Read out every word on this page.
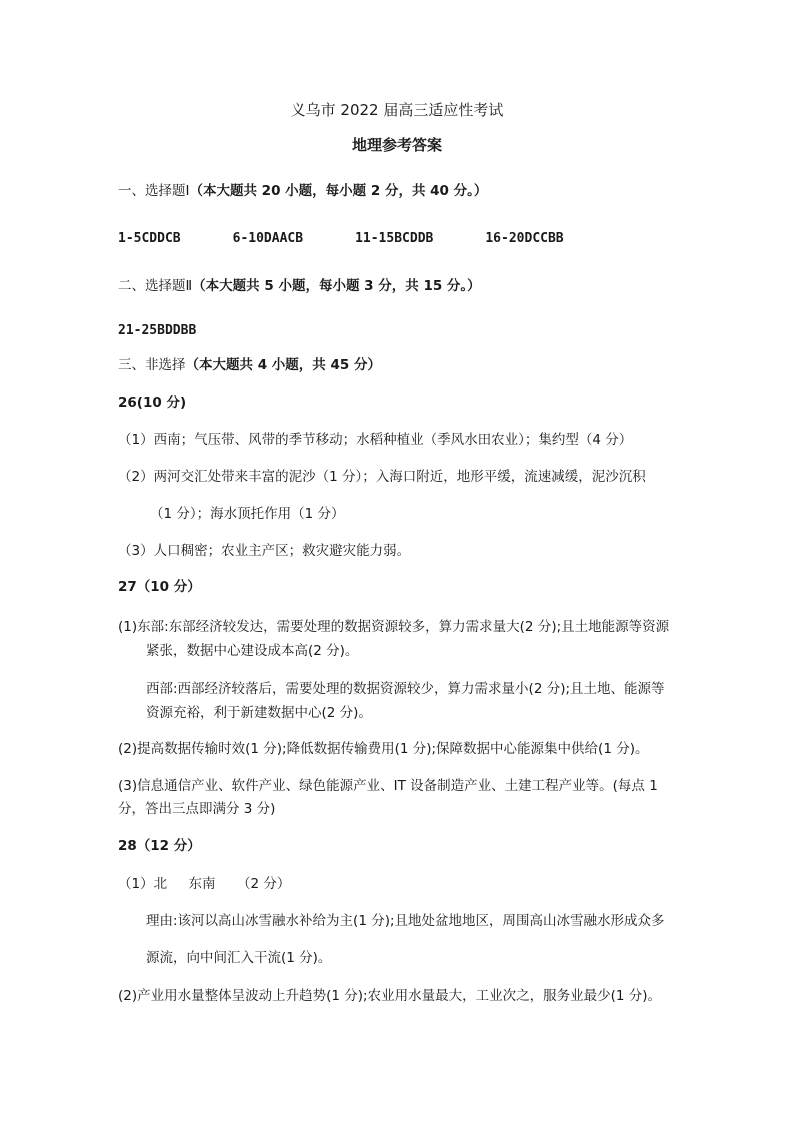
义乌市 2022 届高三适应性考试
地理参考答案
一、选择题Ⅰ（本大题共 20 小题，每小题 2 分，共 40 分。）
1-5CDDCB	6-10DAACB	11-15BCDDB	16-20DCCBB
二、选择题Ⅱ（本大题共 5 小题，每小题 3 分，共 15 分。）
21-25BDDBB
三、非选择（本大题共 4 小题，共 45 分）
26(10 分)
（1）西南；气压带、风带的季节移动；水稻种植业（季风水田农业）；集约型（4 分）
（2）两河交汇处带来丰富的泥沙（1 分）；入海口附近，地形平缓，流速减缓，泥沙沉积
（1 分）；海水顶托作用（1 分）
（3）人口稠密；农业主产区；救灾避灾能力弱。
27（10 分）
(1)东部:东部经济较发达，需要处理的数据资源较多，算力需求量大(2 分);且土地能源等资源
紧张，数据中心建设成本高(2 分)。
西部:西部经济较落后，需要处理的数据资源较少，算力需求量小(2 分);且土地、能源等
资源充裕，利于新建数据中心(2 分)。
(2)提高数据传输时效(1 分);降低数据传输费用(1 分);保障数据中心能源集中供给(1 分)。
(3)信息通信产业、软件产业、绿色能源产业、IT 设备制造产业、土建工程产业等。(每点 1
分，答出三点即满分 3 分)
28（12 分）
（1）北     东南     （2 分）
理由:该河以高山冰雪融水补给为主(1 分);且地处盆地地区，周围高山冰雪融水形成众多
源流，向中间汇入干流(1 分)。
(2)产业用水量整体呈波动上升趋势(1 分);农业用水量最大，工业次之，服务业最少(1 分)。
